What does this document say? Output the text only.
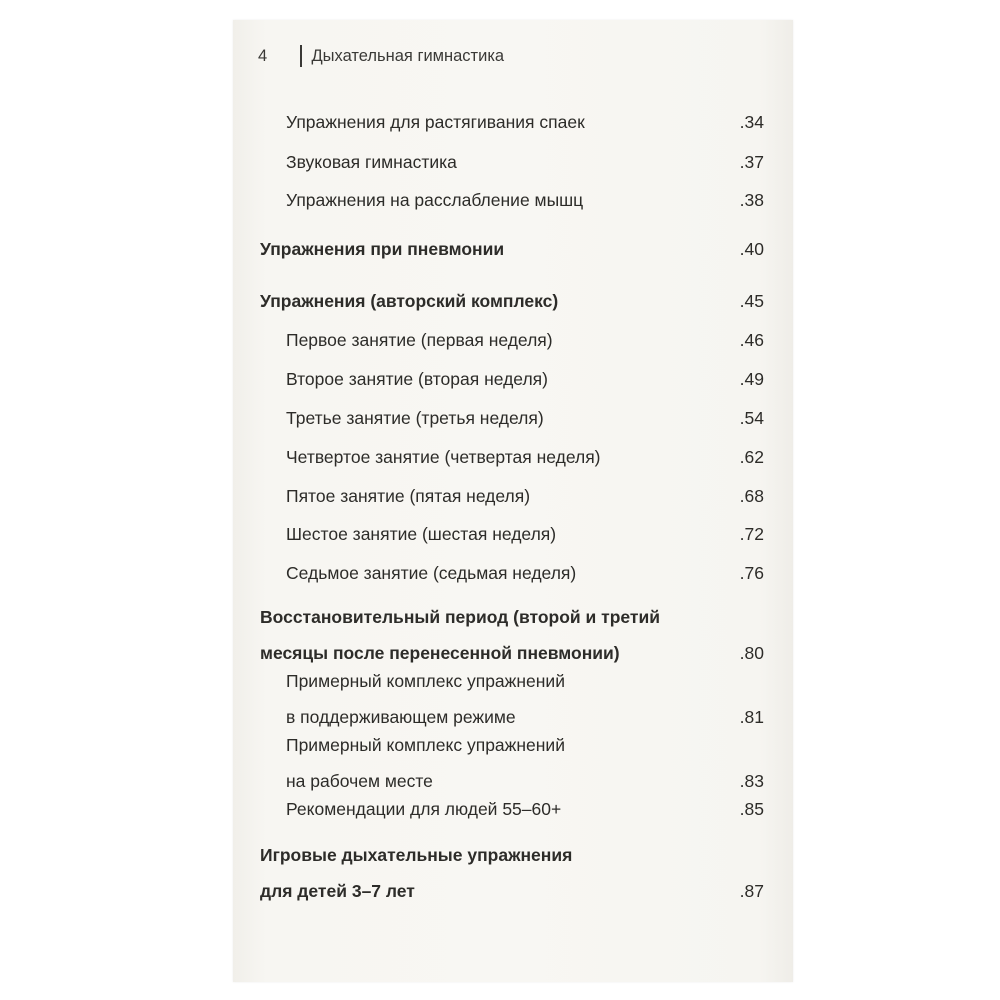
4	Дыхательная гимнастика
Упражнения для растягивания спаек	.34
Звуковая гимнастика	.37
Упражнения на расслабление мышц	.38
Упражнения при пневмонии	.40
Упражнения (авторский комплекс)	.45
Первое занятие (первая неделя)	.46
Второе занятие (вторая неделя)	.49
Третье занятие (третья неделя)	.54
Четвертое занятие (четвертая неделя)	.62
Пятое занятие (пятая неделя)	.68
Шестое занятие (шестая неделя)	.72
Седьмое занятие (седьмая неделя)	.76
Восстановительный период (второй и третий
месяцы после перенесенной пневмонии)	.80
Примерный комплекс упражнений
в поддерживающем режиме	.81
Примерный комплекс упражнений
на рабочем месте	.83
Рекомендации для людей 55–60+	.85
Игровые дыхательные упражнения
для детей 3–7 лет	.87
